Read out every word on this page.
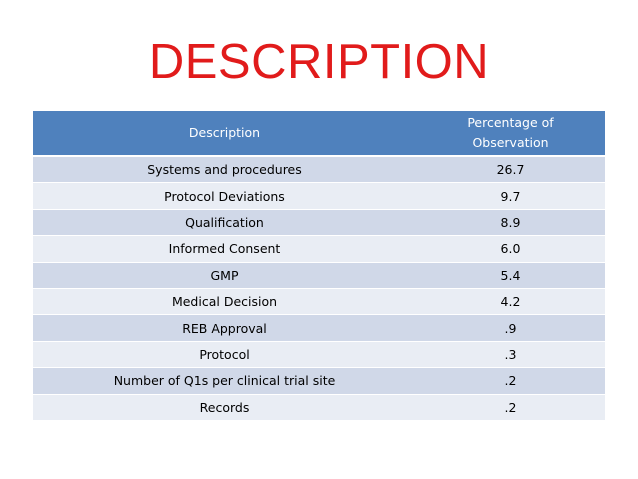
DESCRIPTION
Description	Percentage of
Observation
Systems and procedures	26.7
Protocol Deviations	9.7
Qualification	8.9
Informed Consent	6.0
GMP	5.4
Medical Decision	4.2
REB Approval	.9
Protocol	.3
Number of Q1s per clinical trial site	.2
Records	.2
